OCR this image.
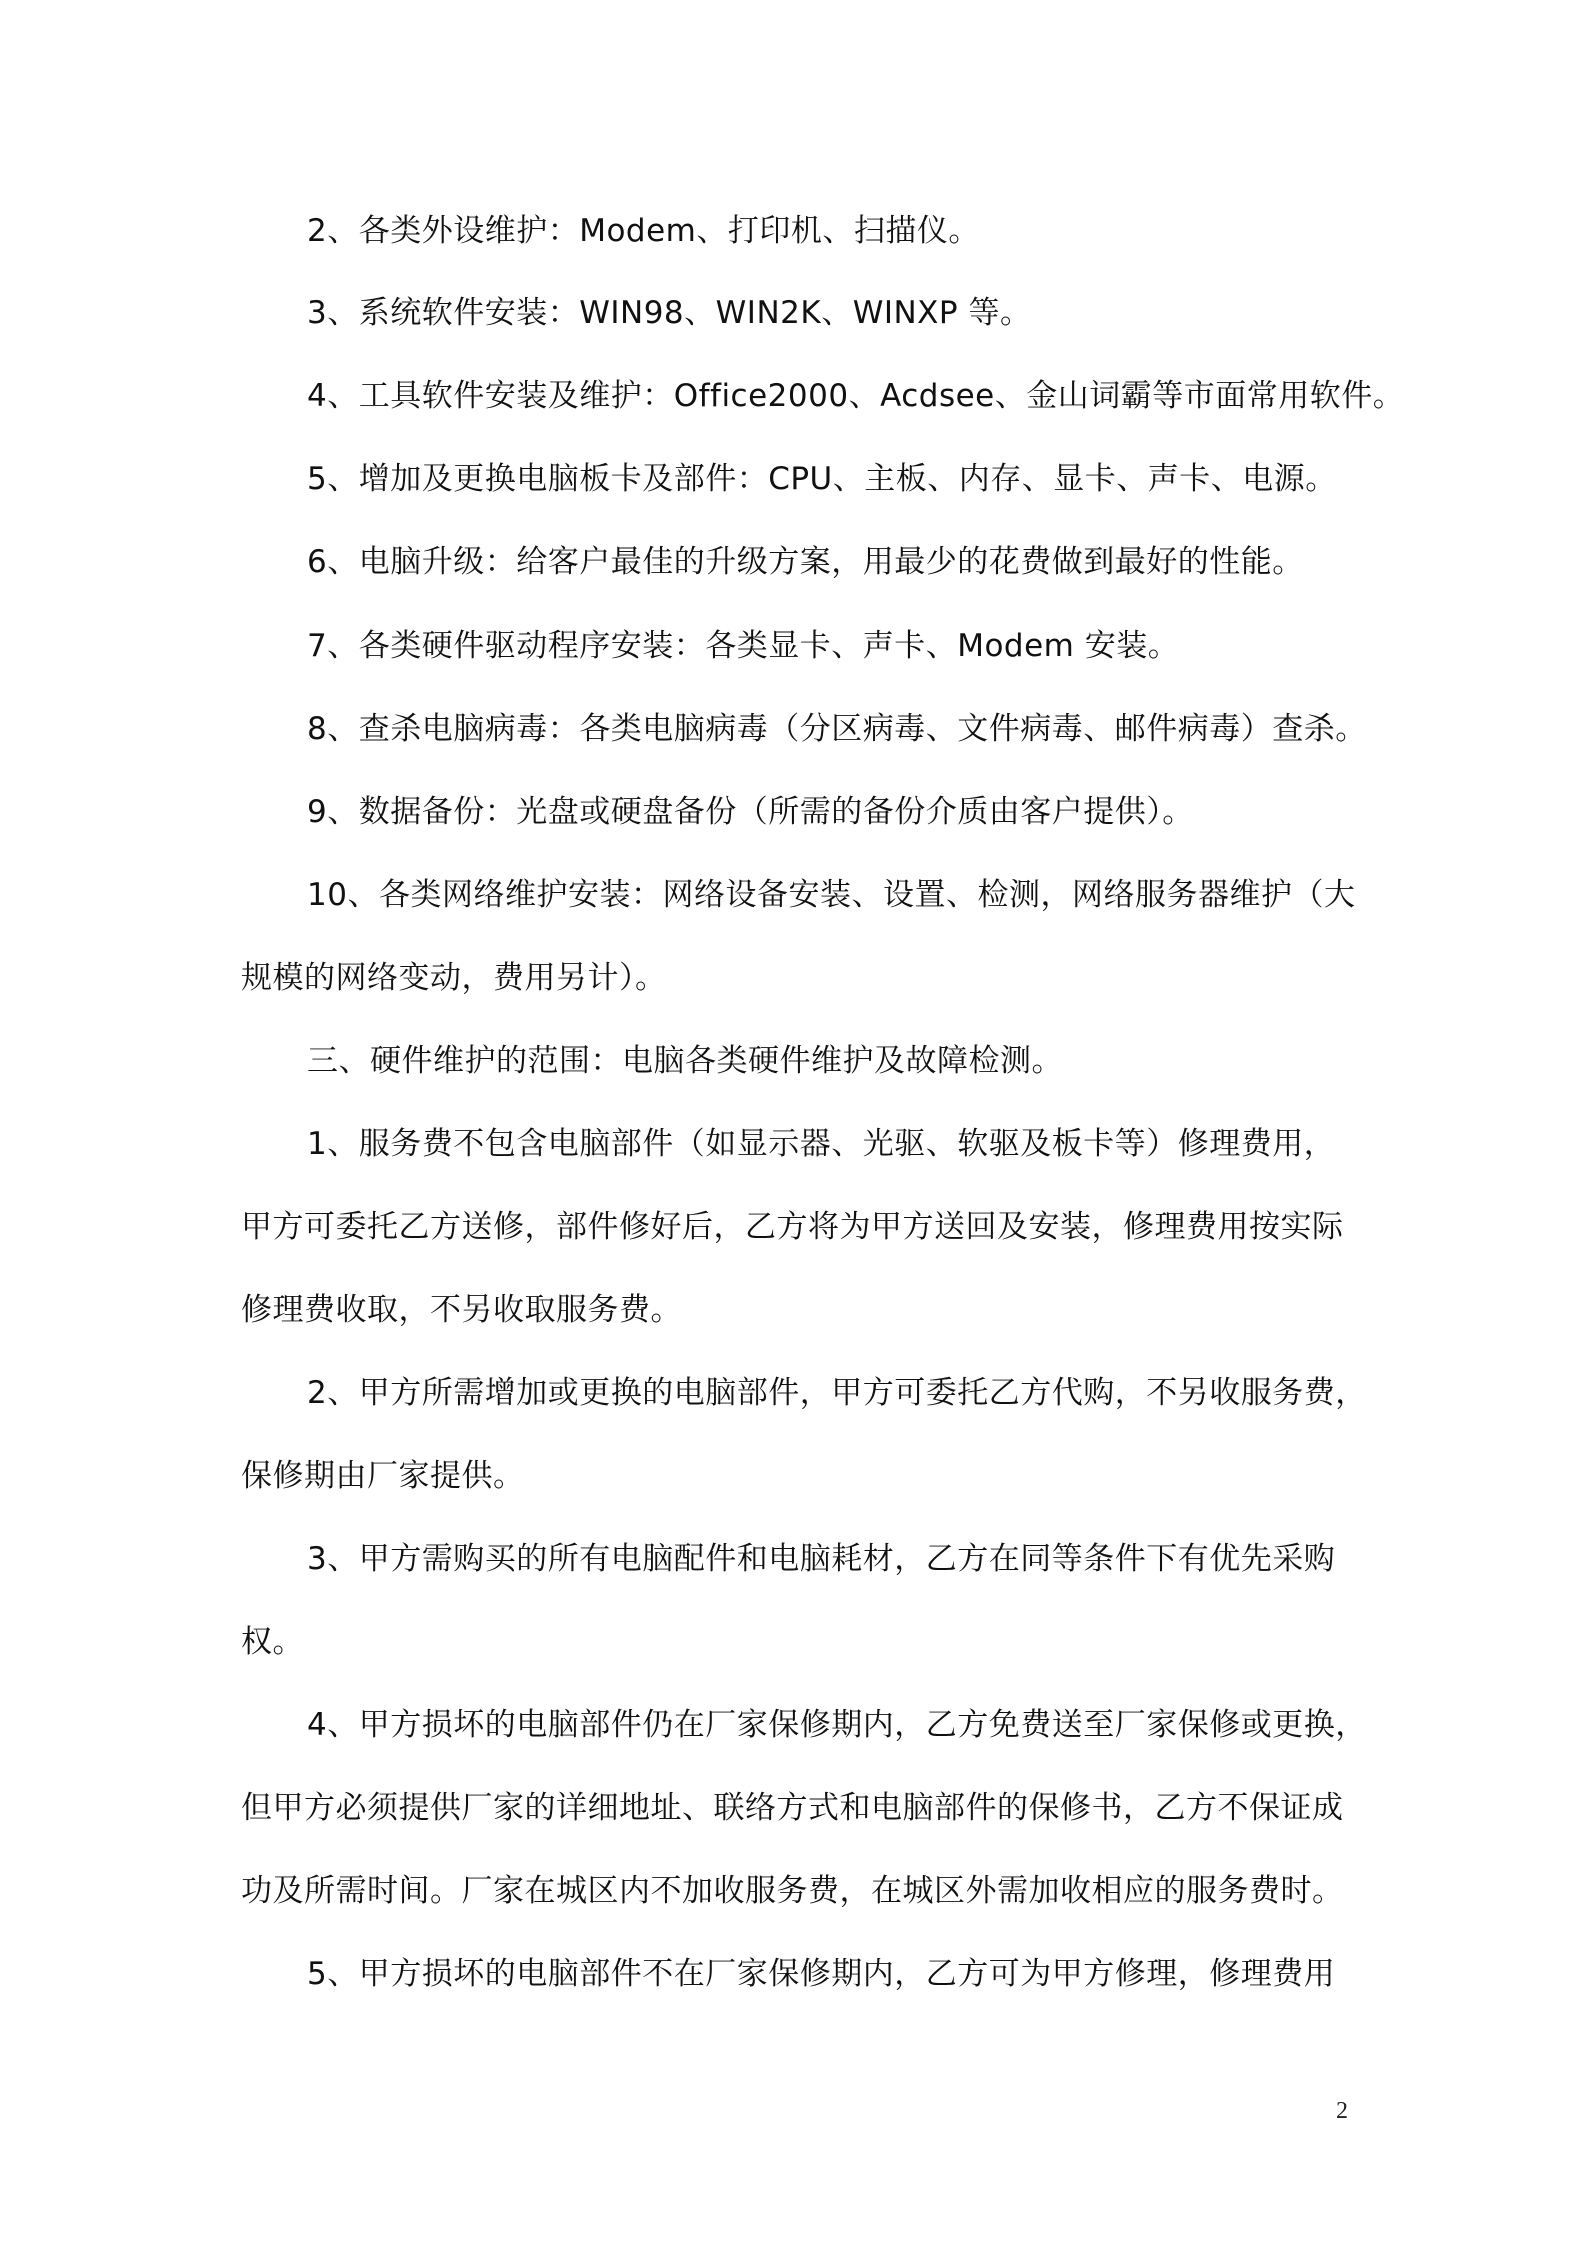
2、各类外设维护：Modem、打印机、扫描仪。
3、系统软件安装：WIN98、WIN2K、WINXP 等。
4、工具软件安装及维护：Office2000、Acdsee、金山词霸等市面常用软件。
5、增加及更换电脑板卡及部件：CPU、主板、内存、显卡、声卡、电源。
6、电脑升级：给客户最佳的升级方案，用最少的花费做到最好的性能。
7、各类硬件驱动程序安装：各类显卡、声卡、Modem 安装。
8、查杀电脑病毒：各类电脑病毒（分区病毒、文件病毒、邮件病毒）查杀。
9、数据备份：光盘或硬盘备份（所需的备份介质由客户提供）。
10、各类网络维护安装：网络设备安装、设置、检测，网络服务器维护（大
规模的网络变动，费用另计）。
三、硬件维护的范围：电脑各类硬件维护及故障检测。
1、服务费不包含电脑部件（如显示器、光驱、软驱及板卡等）修理费用，
甲方可委托乙方送修，部件修好后，乙方将为甲方送回及安装，修理费用按实际
修理费收取，不另收取服务费。
2、甲方所需增加或更换的电脑部件，甲方可委托乙方代购，不另收服务费，
保修期由厂家提供。
3、甲方需购买的所有电脑配件和电脑耗材，乙方在同等条件下有优先采购
权。
4、甲方损坏的电脑部件仍在厂家保修期内，乙方免费送至厂家保修或更换，
但甲方必须提供厂家的详细地址、联络方式和电脑部件的保修书，乙方不保证成
功及所需时间。厂家在城区内不加收服务费，在城区外需加收相应的服务费时。
5、甲方损坏的电脑部件不在厂家保修期内，乙方可为甲方修理，修理费用
2
